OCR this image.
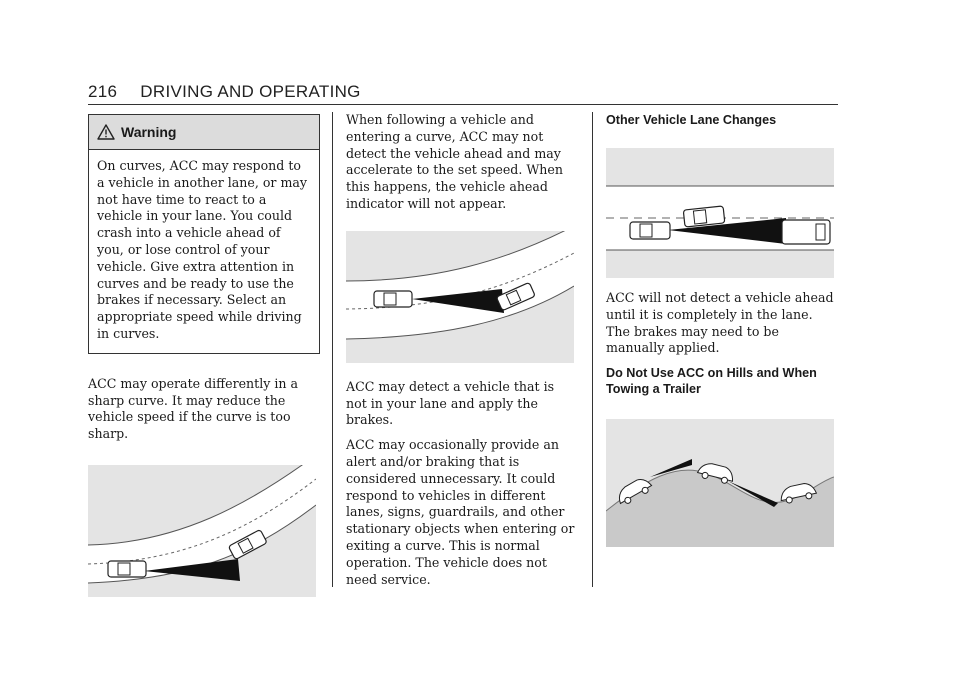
216 DRIVING AND OPERATING
Warning

On curves, ACC may respond to a vehicle in another lane, or may not have time to react to a vehicle in your lane. You could crash into a vehicle ahead of you, or lose control of your vehicle. Give extra attention in curves and be ready to use the brakes if necessary. Select an appropriate speed while driving in curves.

ACC may operate differently in a sharp curve. It may reduce the vehicle speed if the curve is too sharp.

When following a vehicle and entering a curve, ACC may not detect the vehicle ahead and may accelerate to the set speed. When this happens, the vehicle ahead indicator will not appear.

ACC may detect a vehicle that is not in your lane and apply the brakes.

ACC may occasionally provide an alert and/or braking that is considered unnecessary. It could respond to vehicles in different lanes, signs, guardrails, and other stationary objects when entering or exiting a curve. This is normal operation. The vehicle does not need service.

Other Vehicle Lane Changes

ACC will not detect a vehicle ahead until it is completely in the lane. The brakes may need to be manually applied.

Do Not Use ACC on Hills and When Towing a Trailer
